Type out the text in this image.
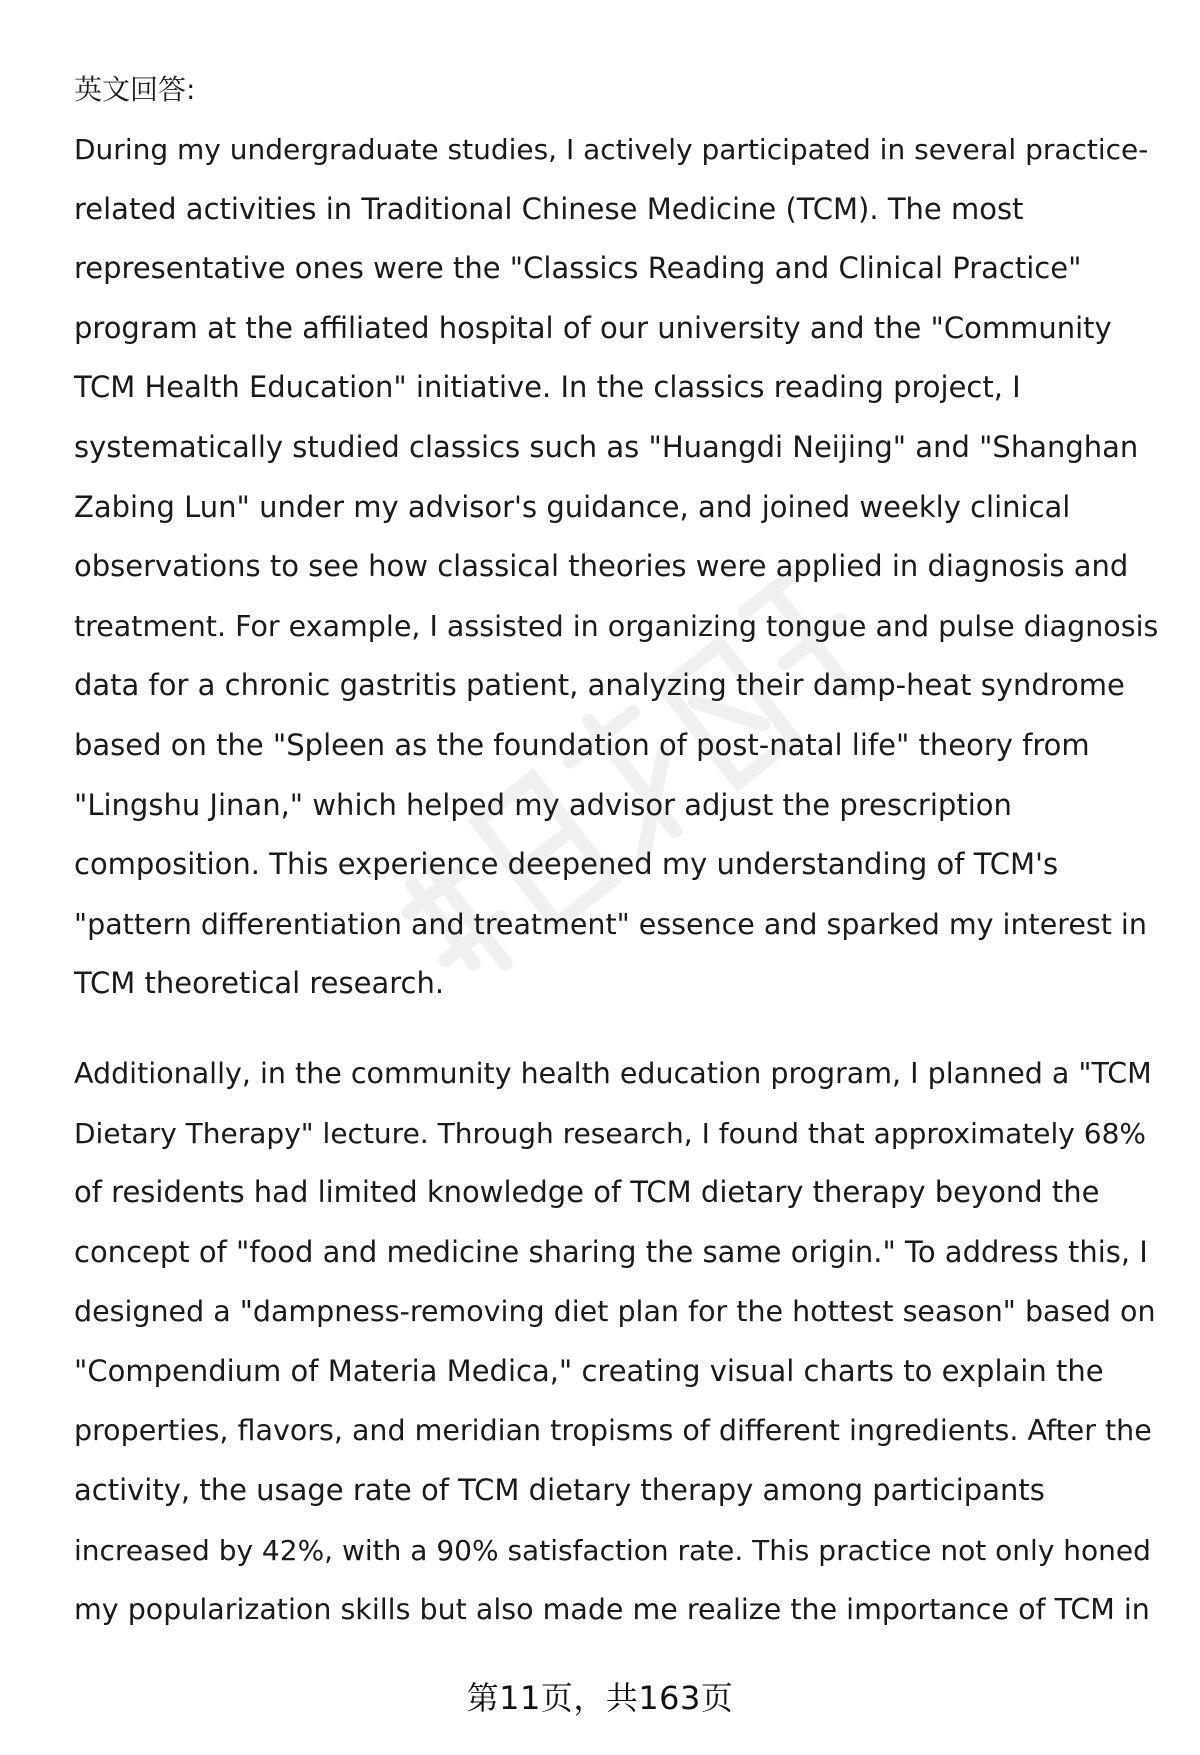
英文回答:
During my undergraduate studies, I actively participated in several practice-
related activities in Traditional Chinese Medicine (TCM). The most
representative ones were the "Classics Reading and Clinical Practice"
program at the affiliated hospital of our university and the "Community
TCM Health Education" initiative. In the classics reading project, I
systematically studied classics such as "Huangdi Neijing" and "Shanghan
Zabing Lun" under my advisor's guidance, and joined weekly clinical
observations to see how classical theories were applied in diagnosis and
treatment. For example, I assisted in organizing tongue and pulse diagnosis
data for a chronic gastritis patient, analyzing their damp-heat syndrome
based on the "Spleen as the foundation of post-natal life" theory from
"Lingshu Jinan," which helped my advisor adjust the prescription
composition. This experience deepened my understanding of TCM's
"pattern differentiation and treatment" essence and sparked my interest in
TCM theoretical research.
Additionally, in the community health education program, I planned a "TCM
Dietary Therapy" lecture. Through research, I found that approximately 68%
of residents had limited knowledge of TCM dietary therapy beyond the
concept of "food and medicine sharing the same origin." To address this, I
designed a "dampness-removing diet plan for the hottest season" based on
"Compendium of Materia Medica," creating visual charts to explain the
properties, flavors, and meridian tropisms of different ingredients. After the
activity, the usage rate of TCM dietary therapy among participants
increased by 42%, with a 90% satisfaction rate. This practice not only honed
my popularization skills but also made me realize the importance of TCM in
第11页，共163页
